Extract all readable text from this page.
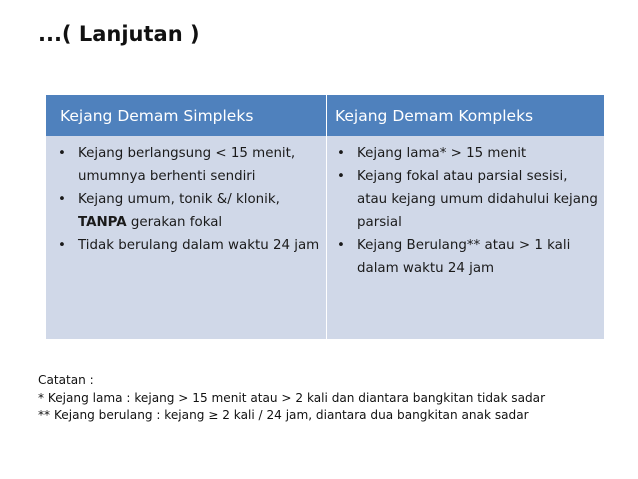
...( Lanjutan )
Kejang Demam Simpleks	Kejang Demam Kompleks
• Kejang berlangsung < 15 menit, umumnya berhenti sendiri
• Kejang umum, tonik &/ klonik, TANPA gerakan fokal
• Tidak berulang dalam waktu 24 jam
• Kejang lama* > 15 menit
• Kejang fokal atau parsial sesisi, atau kejang umum didahului kejang parsial
• Kejang Berulang** atau > 1 kali dalam waktu 24 jam
Catatan :
* Kejang lama : kejang > 15 menit atau > 2 kali dan diantara bangkitan tidak sadar
** Kejang berulang : kejang ≥ 2 kali / 24 jam, diantara dua bangkitan anak sadar
